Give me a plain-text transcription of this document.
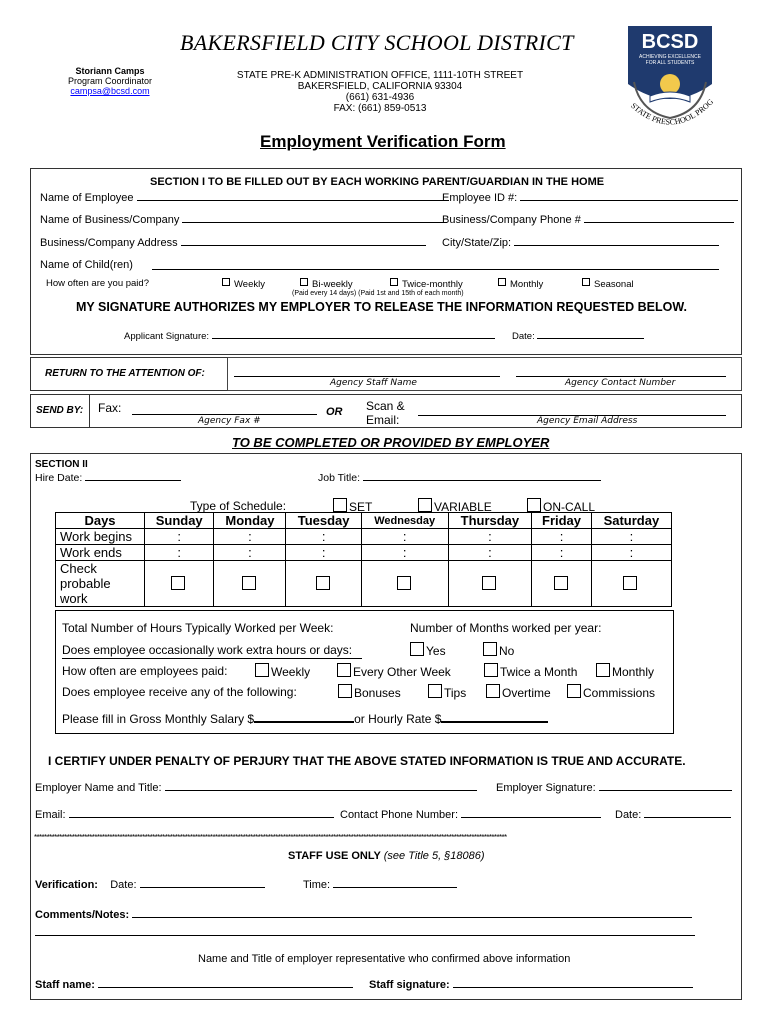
BAKERSFIELD CITY SCHOOL DISTRICT
Storiann Camps
Program Coordinator
campsa@bcsd.com
STATE PRE-K ADMINISTRATION OFFICE, 1111-10TH STREET
BAKERSFIELD, CALIFORNIA 93304
(661) 631-4936
FAX: (661) 859-0513
BCSD
ACHIEVING EXCELLENCE
FOR ALL STUDENTS
STATE PRESCHOOL PROG
Employment Verification Form
SECTION I TO BE FILLED OUT BY EACH WORKING PARENT/GUARDIAN IN THE HOME
Name of Employee	Employee ID #:
Name of Business/Company	Business/Company Phone #
Business/Company Address	City/State/Zip:
Name of Child(ren)
How often are you paid?	Weekly	Bi-weekly	Twice-monthly	Monthly	Seasonal
(Paid every 14 days) (Paid 1st and 15th of each month)
MY SIGNATURE AUTHORIZES MY EMPLOYER TO RELEASE THE INFORMATION REQUESTED BELOW.
Applicant Signature:	Date:
RETURN TO THE ATTENTION OF:
Agency Staff Name	Agency Contact Number
SEND BY: Fax:
Agency Fax #
OR Scan &
Email:	Agency Email Address
TO BE COMPLETED OR PROVIDED BY EMPLOYER
SECTION II
Hire Date:	Job Title:
Type of Schedule:	SET	VARIABLE	ON-CALL
Days	Sunday	Monday	Tuesday	Wednesday	Thursday	Friday	Saturday
Work begins	:	:	:	:	:	:	:
Work ends	:	:	:	:	:	:	:

Check
probable
work							

Total Number of Hours Typically Worked per Week:	Number of Months worked per year:
Does employee occasionally work extra hours or days:	Yes	No
How often are employees paid:	Weekly	Every Other Week	Twice a Month	Monthly
Does employee receive any of the following:	Bonuses	Tips	Overtime	Commissions
Please fill in Gross Monthly Salary $	or Hourly Rate $
I CERTIFY UNDER PENALTY OF PERJURY THAT THE ABOVE STATED INFORMATION IS TRUE AND ACCURATE.
Employer Name and Title:	Employer Signature:
Email:	Contact Phone Number:	Date:
********************************************************************************************************************************************************************************************
STAFF USE ONLY (see Title 5, §18086)
Verification: Date:	Time:
Comments/Notes:
Name and Title of employer representative who confirmed above information
Staff name:	Staff signature:
